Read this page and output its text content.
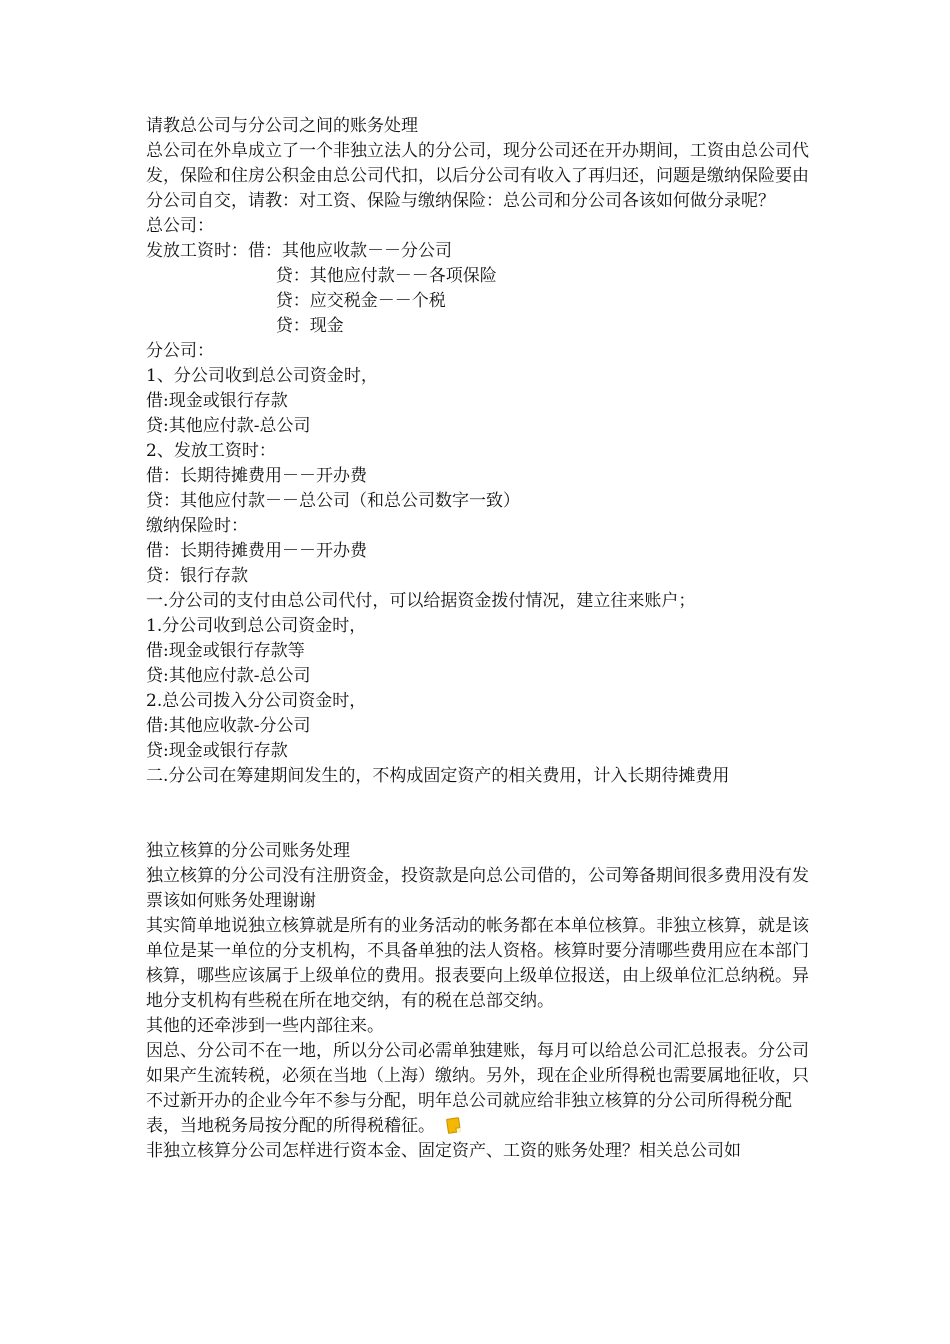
请教总公司与分公司之间的账务处理

总公司在外阜成立了一个非独立法人的分公司，现分公司还在开办期间，工资由总公司代发，保险和住房公积金由总公司代扣，以后分公司有收入了再归还，问题是缴纳保险要由分公司自交，请教：对工资、保险与缴纳保险：总公司和分公司各该如何做分录呢？

总公司：

发放工资时：借：其他应收款－－分公司

贷：其他应付款－－各项保险

贷：应交税金－－个税

贷：现金

分公司：

1、分公司收到总公司资金时，

借:现金或银行存款

贷:其他应付款-总公司

2、发放工资时：

借：长期待摊费用－－开办费

贷：其他应付款－－总公司（和总公司数字一致）

缴纳保险时：

借：长期待摊费用－－开办费

贷：银行存款

一.分公司的支付由总公司代付，可以给据资金拨付情况，建立往来账户；

1.分公司收到总公司资金时，

借:现金或银行存款等

贷:其他应付款-总公司

2.总公司拨入分公司资金时，

借:其他应收款-分公司

贷:现金或银行存款

二.分公司在筹建期间发生的，不构成固定资产的相关费用，计入长期待摊费用

独立核算的分公司账务处理

独立核算的分公司没有注册资金，投资款是向总公司借的，公司筹备期间很多费用没有发票该如何账务处理谢谢

其实简单地说独立核算就是所有的业务活动的帐务都在本单位核算。非独立核算，就是该单位是某一单位的分支机构，不具备单独的法人资格。核算时要分清哪些费用应在本部门核算，哪些应该属于上级单位的费用。报表要向上级单位报送，由上级单位汇总纳税。异地分支机构有些税在所在地交纳，有的税在总部交纳。

其他的还牵涉到一些内部往来。

因总、分公司不在一地，所以分公司必需单独建账，每月可以给总公司汇总报表。分公司如果产生流转税，必须在当地（上海）缴纳。另外，现在企业所得税也需要属地征收，只不过新开办的企业今年不参与分配，明年总公司就应给非独立核算的分公司所得税分配表，当地税务局按分配的所得税稽征。

非独立核算分公司怎样进行资本金、固定资产、工资的账务处理？相关总公司如
